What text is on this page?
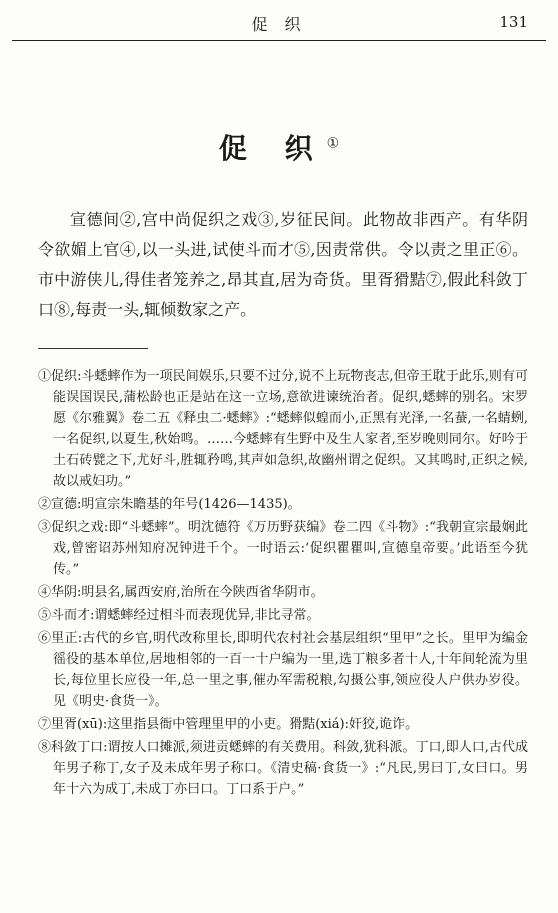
促 织	131
促 织①

宣德间②,宫中尚促织之戏③,岁征民间。此物故非西产。有华阴令欲媚上官④,以一头进,试使斗而才⑤,因责常供。令以责之里正⑥。市中游侠儿,得佳者笼养之,昂其直,居为奇货。里胥猾黠⑦,假此科敛丁口⑧,每责一头,辄倾数家之产。

①促织:斗蟋蟀作为一项民间娱乐,只要不过分,说不上玩物丧志,但帝王耽于此乐,则有可能误国误民,蒲松龄也正是站在这一立场,意欲进谏统治者。促织,蟋蟀的别名。宋罗愿《尔雅翼》卷二五《释虫二·蟋蟀》:“蟋蟀似蝗而小,正黑有光泽,一名蛬,一名蜻蛚,一名促织,以夏生,秋始鸣。……今蟋蟀有生野中及生人家者,至岁晚则同尔。好吟于土石砖甓之下,尤好斗,胜辄矜鸣,其声如急织,故幽州谓之促织。又其鸣时,正织之候,故以戒妇功。”

②宣德:明宣宗朱瞻基的年号(1426—1435)。

③促织之戏:即“斗蟋蟀”。明沈德符《万历野获编》卷二四《斗物》:“我朝宣宗最娴此戏,曾密诏苏州知府况钟进千个。一时语云:‘促织瞿瞿叫,宣德皇帝要。’此语至今犹传。”

④华阴:明县名,属西安府,治所在今陕西省华阴市。

⑤斗而才:谓蟋蟀经过相斗而表现优异,非比寻常。

⑥里正:古代的乡官,明代改称里长,即明代农村社会基层组织“里甲”之长。里甲为编金徭役的基本单位,居地相邻的一百一十户编为一里,选丁粮多者十人,十年间轮流为里长,每位里长应役一年,总一里之事,催办军需税粮,勾摄公事,领应役人户供办岁役。见《明史·食货一》。

⑦里胥(xū):这里指县衙中管理里甲的小吏。猾黠(xiá):奸狡,诡诈。

⑧科敛丁口:谓按人口摊派,须进贡蟋蟀的有关费用。科敛,犹科派。丁口,即人口,古代成年男子称丁,女子及未成年男子称口。《清史稿·食货一》:“凡民,男曰丁,女曰口。男年十六为成丁,未成丁亦曰口。丁口系于户。”
